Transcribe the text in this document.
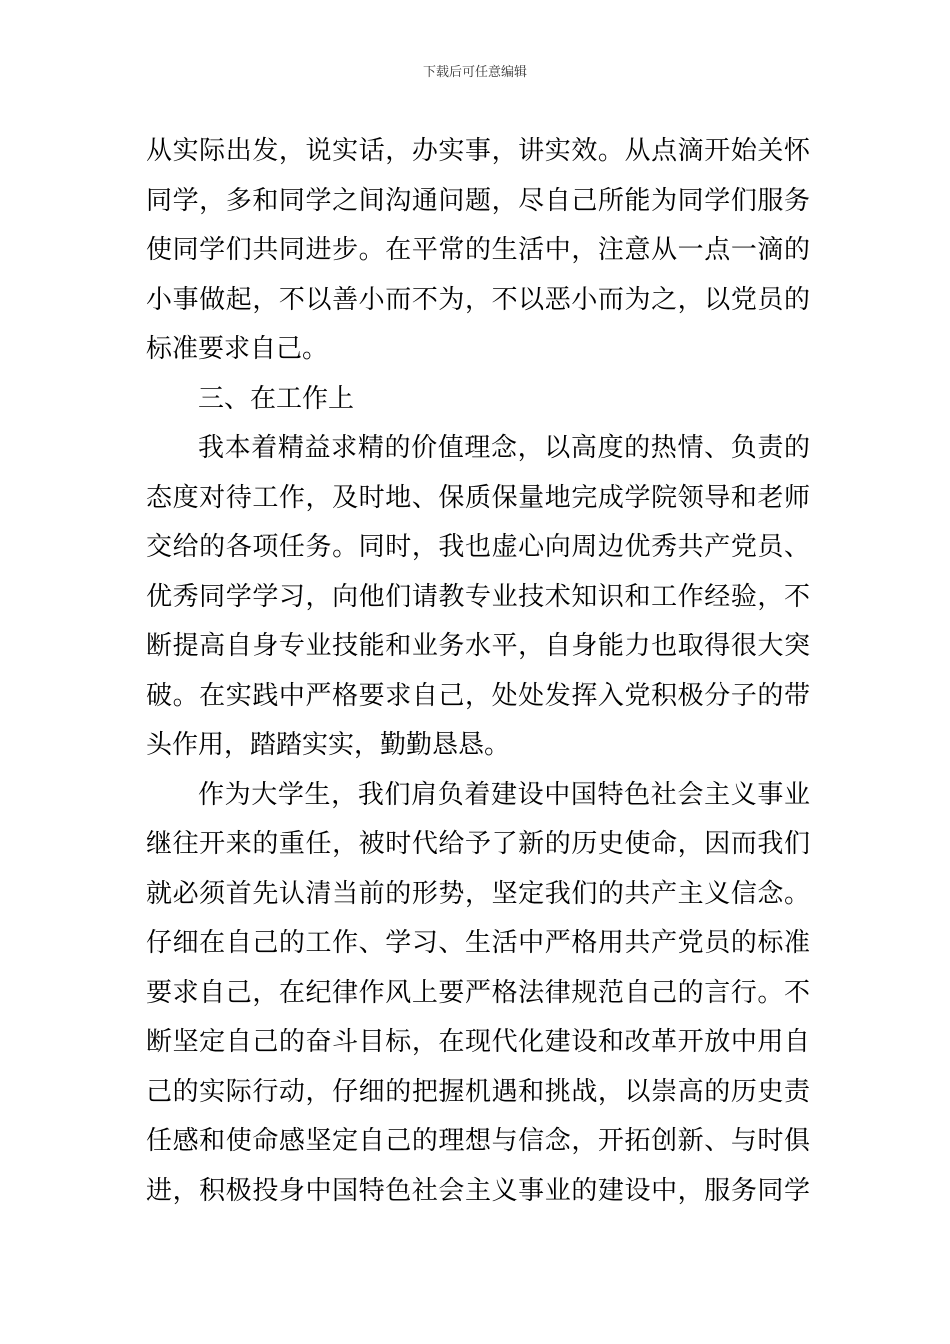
下载后可任意编辑
从实际出发，说实话，办实事，讲实效。从点滴开始关怀
同学，多和同学之间沟通问题，尽自己所能为同学们服务
使同学们共同进步。在平常的生活中，注意从一点一滴的
小事做起，不以善小而不为，不以恶小而为之，以党员的
标准要求自己。
三、在工作上
我本着精益求精的价值理念，以高度的热情、负责的
态度对待工作，及时地、保质保量地完成学院领导和老师
交给的各项任务。同时，我也虚心向周边优秀共产党员、
优秀同学学习，向他们请教专业技术知识和工作经验，不
断提高自身专业技能和业务水平，自身能力也取得很大突
破。在实践中严格要求自己，处处发挥入党积极分子的带
头作用，踏踏实实，勤勤恳恳。
作为大学生，我们肩负着建设中国特色社会主义事业
继往开来的重任，被时代给予了新的历史使命，因而我们
就必须首先认清当前的形势，坚定我们的共产主义信念。
仔细在自己的工作、学习、生活中严格用共产党员的标准
要求自己，在纪律作风上要严格法律规范自己的言行。不
断坚定自己的奋斗目标，在现代化建设和改革开放中用自
己的实际行动，仔细的把握机遇和挑战，以崇高的历史责
任感和使命感坚定自己的理想与信念，开拓创新、与时俱
进，积极投身中国特色社会主义事业的建设中，服务同学
